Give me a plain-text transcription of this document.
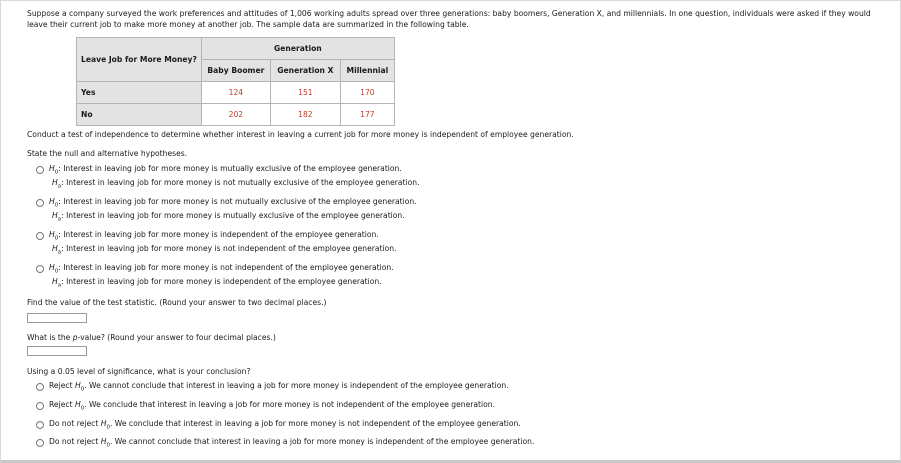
Suppose a company surveyed the work preferences and attitudes of 1,006 working adults spread over three generations: baby boomers, Generation X, and millennials. In one question, individuals were asked if they would leave their current job to make more money at another job. The sample data are summarized in the following table.
Leave Job for More Money?	Generation		
	Baby Boomer	Generation X	Millennial
Yes	124	151	170
No	202	182	177
Conduct a test of independence to determine whether interest in leaving a current job for more money is independent of employee generation.
State the null and alternative hypotheses.
$H_0$: Interest in leaving job for more money is mutually exclusive of the employee generation.
$H_a$: Interest in leaving job for more money is not mutually exclusive of the employee generation.
$H_0$: Interest in leaving job for more money is not mutually exclusive of the employee generation.
$H_a$: Interest in leaving job for more money is mutually exclusive of the employee generation.
$H_0$: Interest in leaving job for more money is independent of the employee generation.
$H_a$: Interest in leaving job for more money is not independent of the employee generation.
$H_0$: Interest in leaving job for more money is not independent of the employee generation.
$H_a$: Interest in leaving job for more money is independent of the employee generation.
Find the value of the test statistic. (Round your answer to two decimal places.)
What is the p-value? (Round your answer to four decimal places.)
Using a 0.05 level of significance, what is your conclusion?
Reject $H_0$. We cannot conclude that interest in leaving a job for more money is independent of the employee generation.
Reject $H_0$. We conclude that interest in leaving a job for more money is not independent of the employee generation.
Do not reject $H_0$. We conclude that interest in leaving a job for more money is not independent of the employee generation.
Do not reject $H_0$. We cannot conclude that interest in leaving a job for more money is independent of the employee generation.
